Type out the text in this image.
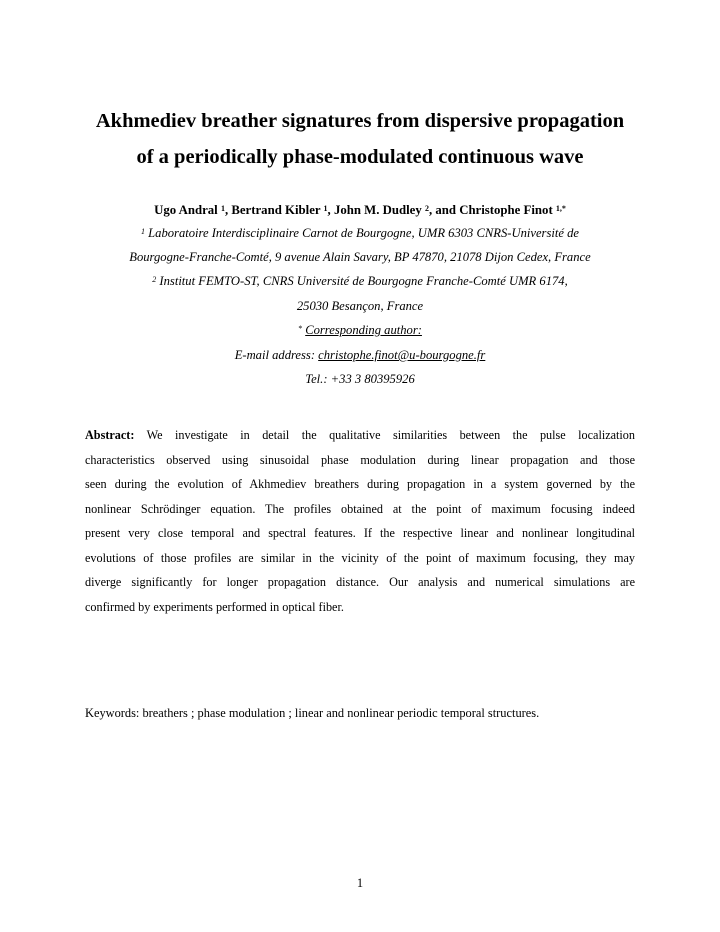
Akhmediev breather signatures from dispersive propagation
of a periodically phase-modulated continuous wave
Ugo Andral $^1$, Bertrand Kibler $^1$, John M. Dudley $^2$, and Christophe Finot $^{1,*}$
$^1$ Laboratoire Interdisciplinaire Carnot de Bourgogne, UMR 6303 CNRS-Université de
Bourgogne-Franche-Comté, 9 avenue Alain Savary, BP 47870, 21078 Dijon Cedex, France
$^2$ Institut FEMTO-ST, CNRS Université de Bourgogne Franche-Comté UMR 6174,
25030 Besançon, France
* Corresponding author:
E-mail address: christophe.finot@u-bourgogne.fr
Tel.: +33 3 80395926
Abstract: We investigate in detail the qualitative similarities between the pulse localization
characteristics observed using sinusoidal phase modulation during linear propagation and those
seen during the evolution of Akhmediev breathers during propagation in a system governed by the
nonlinear Schrödinger equation. The profiles obtained at the point of maximum focusing indeed
present very close temporal and spectral features. If the respective linear and nonlinear longitudinal
evolutions of those profiles are similar in the vicinity of the point of maximum focusing, they may
diverge significantly for longer propagation distance. Our analysis and numerical simulations are
confirmed by experiments performed in optical fiber.
Keywords: breathers ; phase modulation ; linear and nonlinear periodic temporal structures.
1
